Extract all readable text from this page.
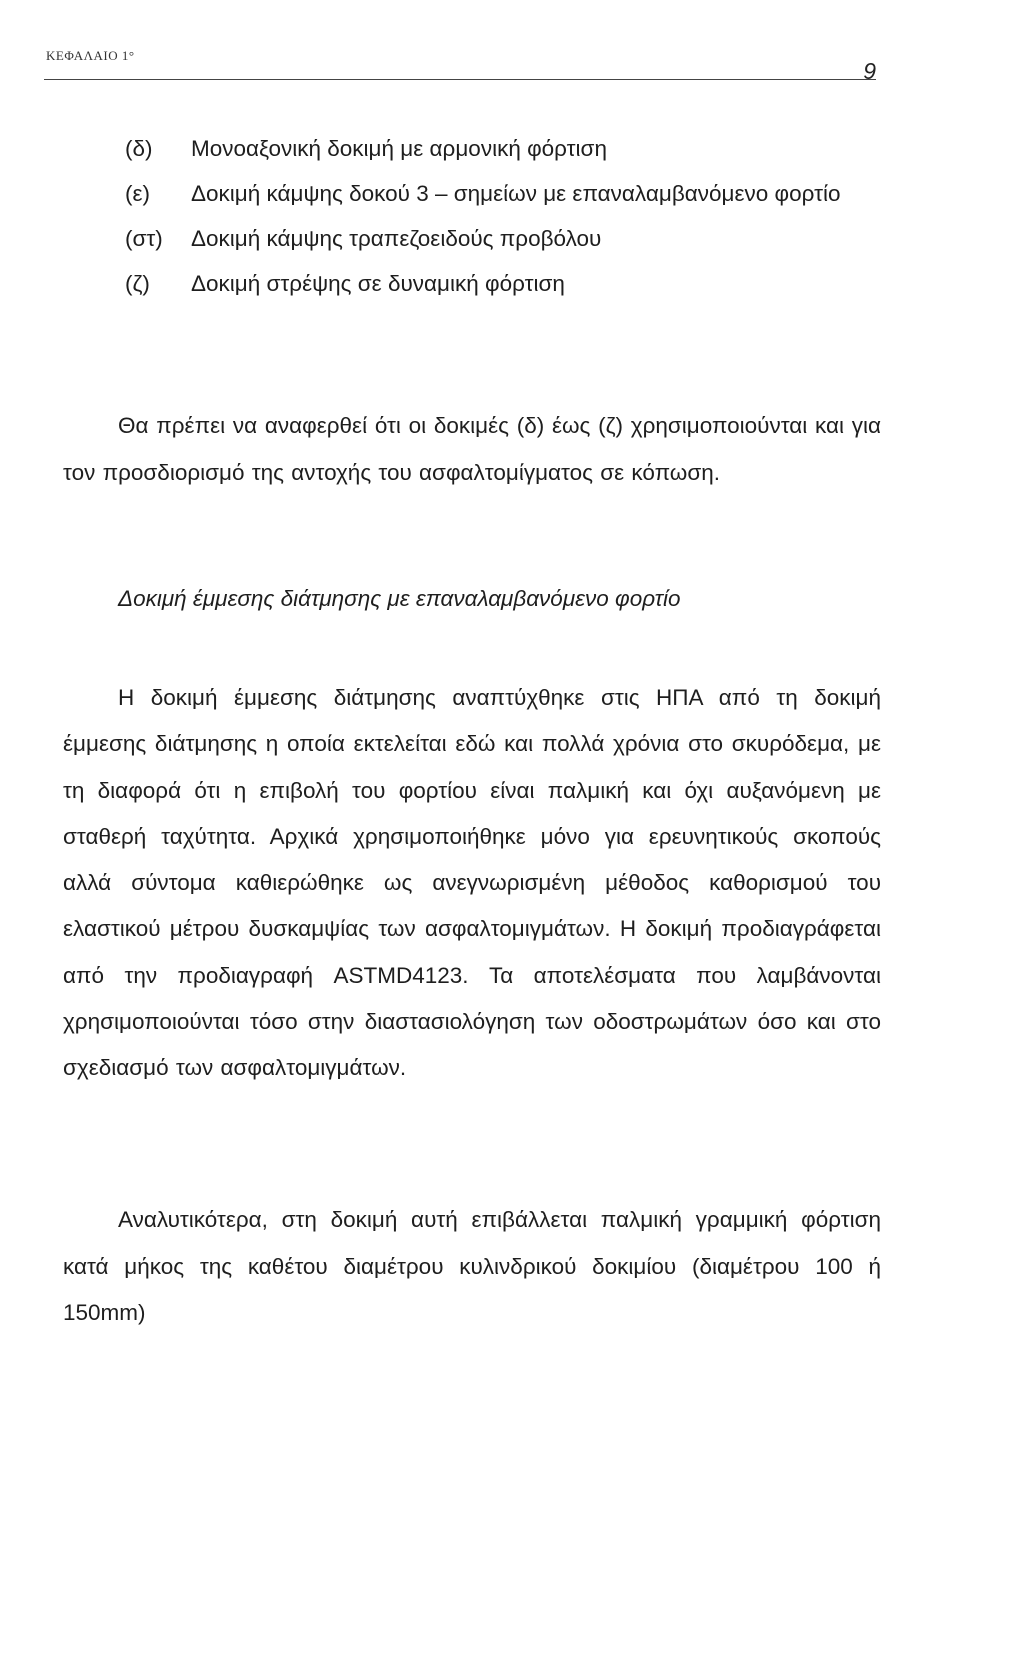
ΚΕΦΑΛΑΙΟ 1°
9
(δ)	Μονοαξονική δοκιμή με αρμονική φόρτιση
(ε)	Δοκιμή κάμψης δοκού 3 – σημείων με επαναλαμβανόμενο φορτίο
(στ)	Δοκιμή κάμψης τραπεζοειδούς προβόλου
(ζ)	Δοκιμή στρέψης σε δυναμική φόρτιση

Θα πρέπει να αναφερθεί ότι οι δοκιμές (δ) έως (ζ) χρησιμοποιούνται και για τον προσδιορισμό της αντοχής του ασφαλτομίγματος σε κόπωση.

Δοκιμή έμμεσης διάτμησης με επαναλαμβανόμενο φορτίο

Η δοκιμή έμμεσης διάτμησης αναπτύχθηκε στις ΗΠΑ από τη δοκιμή έμμεσης διάτμησης η οποία εκτελείται εδώ και πολλά χρόνια στο σκυρόδεμα, με τη διαφορά ότι η επιβολή του φορτίου είναι παλμική και όχι αυξανόμενη με σταθερή ταχύτητα. Αρχικά χρησιμοποιήθηκε μόνο για ερευνητικούς σκοπούς αλλά σύντομα καθιερώθηκε ως ανεγνωρισμένη μέθοδος καθορισμού του ελαστικού μέτρου δυσκαμψίας των ασφαλτομιγμάτων. Η δοκιμή προδιαγράφεται από την προδιαγραφή ASTMD4123. Τα αποτελέσματα που λαμβάνονται χρησιμοποιούνται τόσο στην διαστασιολόγηση των οδοστρωμάτων όσο και στο σχεδιασμό των ασφαλτομιγμάτων.

Αναλυτικότερα, στη δοκιμή αυτή επιβάλλεται παλμική γραμμική φόρτιση κατά μήκος της καθέτου διαμέτρου κυλινδρικού δοκιμίου (διαμέτρου 100 ή 150mm)
